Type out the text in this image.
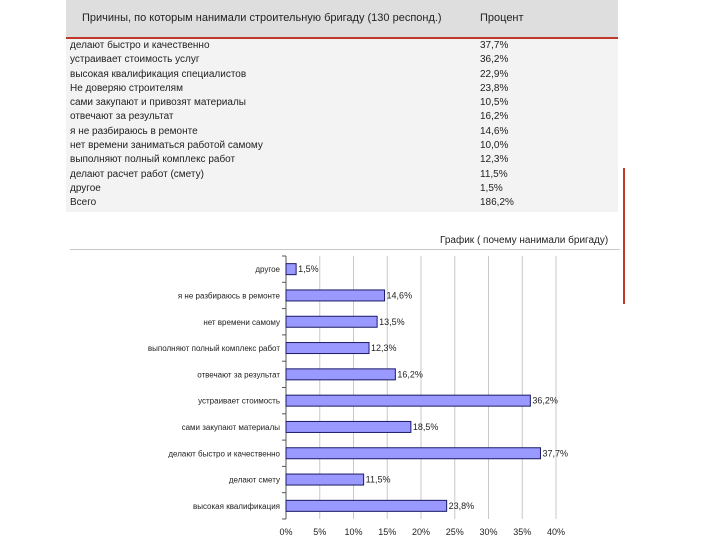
Причины, по которым нанимали строительную бригаду (130 респонд.)	Процент
делают быстро и качественно	37,7%
устраивает стоимость услуг	36,2%
высокая квалификация специалистов	22,9%
Не доверяю строителям	23,8%
сами закупают и привозят материалы	10,5%
отвечают за результат	16,2%
я не разбираюсь в ремонте	14,6%
нет времени заниматься работой самому	10,0%
выполняют полный комплекс работ	12,3%
делают расчет работ (смету)	11,5%
другое	1,5%
Всего	186,2%
График ( почему нанимали бригаду)
0% 5% 10% 15% 20% 25% 30% 35% 40%
другое 1,5%
я не разбираюсь в ремонте	14,6%
нет времени самому	13,5%
выполняют полный комплекс работ	12,3%
отвечают за результат	16,2%
устраивает стоимость	36,2%
сами закупают материалы	18,5%
делают быстро и качественно	37,7%
делают смету	11,5%
высокая квалификация	23,8%
